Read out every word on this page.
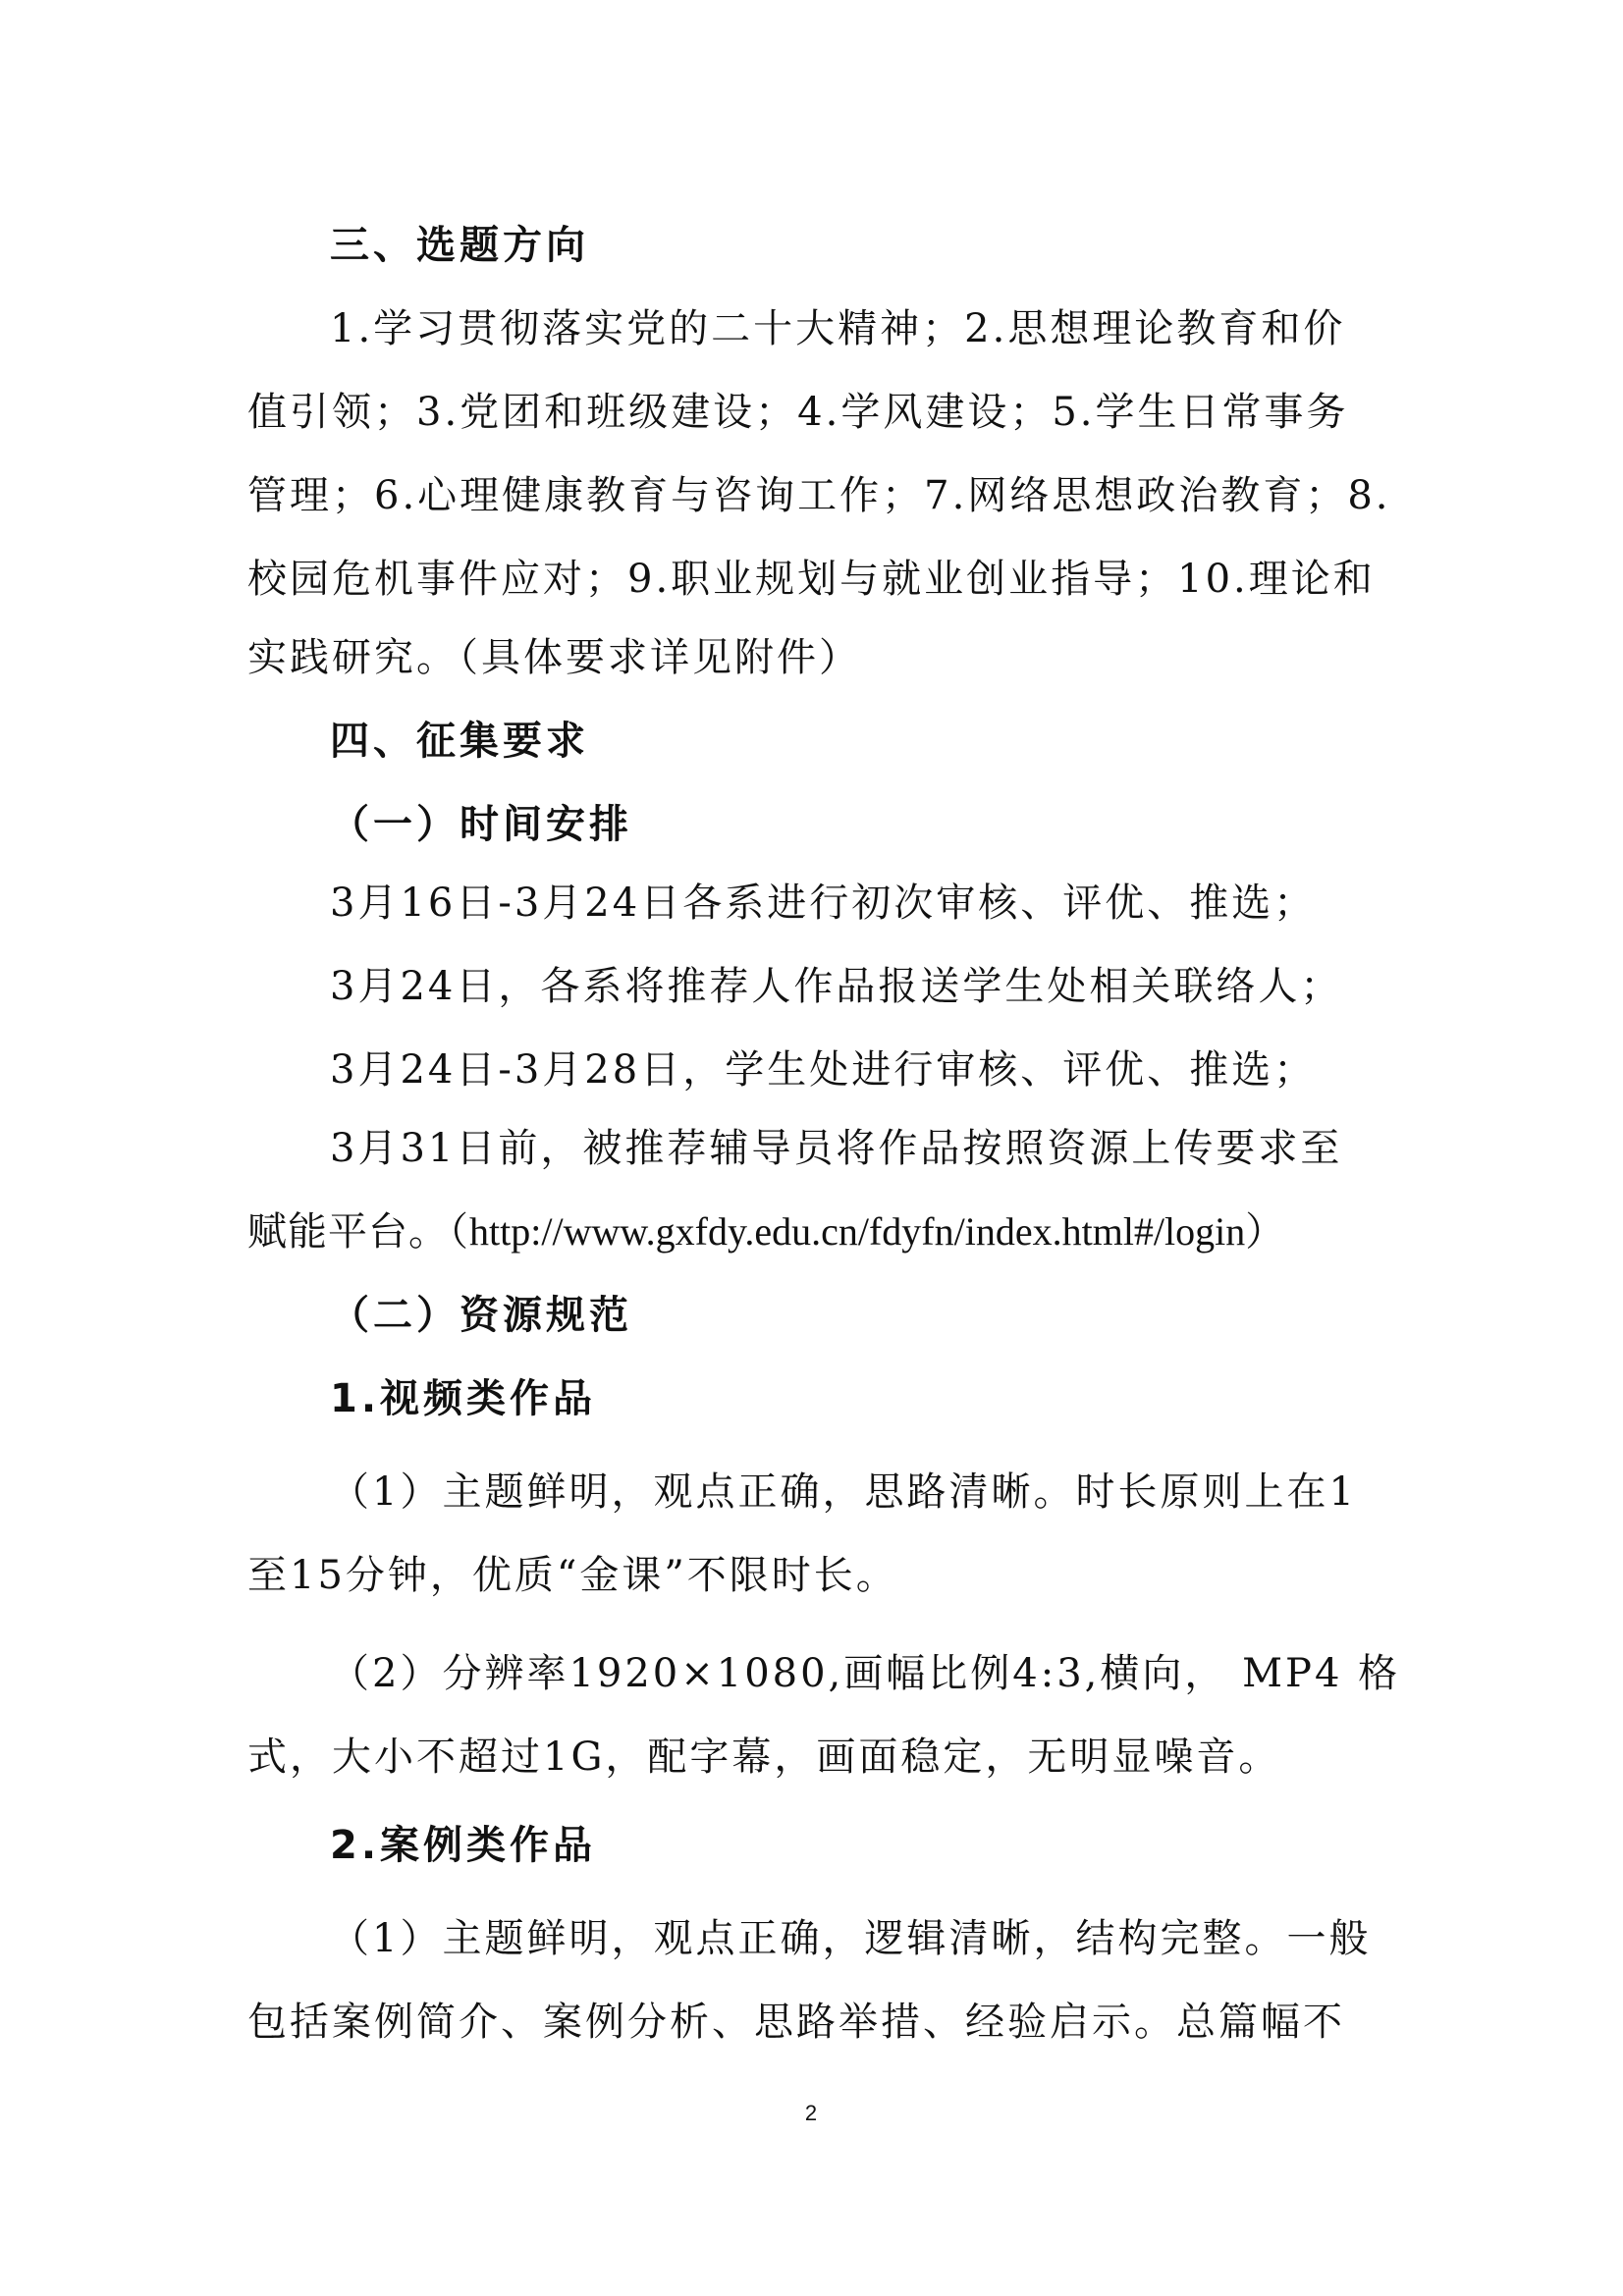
三、选题方向
1.学习贯彻落实党的二十大精神；2.思想理论教育和价
值引领；3.党团和班级建设；4.学风建设；5.学生日常事务
管理；6.心理健康教育与咨询工作；7.网络思想政治教育；8.
校园危机事件应对；9.职业规划与就业创业指导；10.理论和
实践研究。（具体要求详见附件）
四、征集要求
（一）时间安排
3月16日-3月24日各系进行初次审核、评优、推选；
3月24日，各系将推荐人作品报送学生处相关联络人；
3月24日-3月28日，学生处进行审核、评优、推选；
3月31日前，被推荐辅导员将作品按照资源上传要求至
赋能平台。（http://www.gxfdy.edu.cn/fdyfn/index.html#/login）
（二）资源规范
1.视频类作品
（1）主题鲜明，观点正确，思路清晰。时长原则上在1
至15分钟，优质“金课”不限时长。
（2）分辨率1920×1080,画幅比例4:3,横向， MP4 格
式，大小不超过1G，配字幕，画面稳定，无明显噪音。
2.案例类作品
（1）主题鲜明，观点正确，逻辑清晰，结构完整。一般
包括案例简介、案例分析、思路举措、经验启示。总篇幅不
2
